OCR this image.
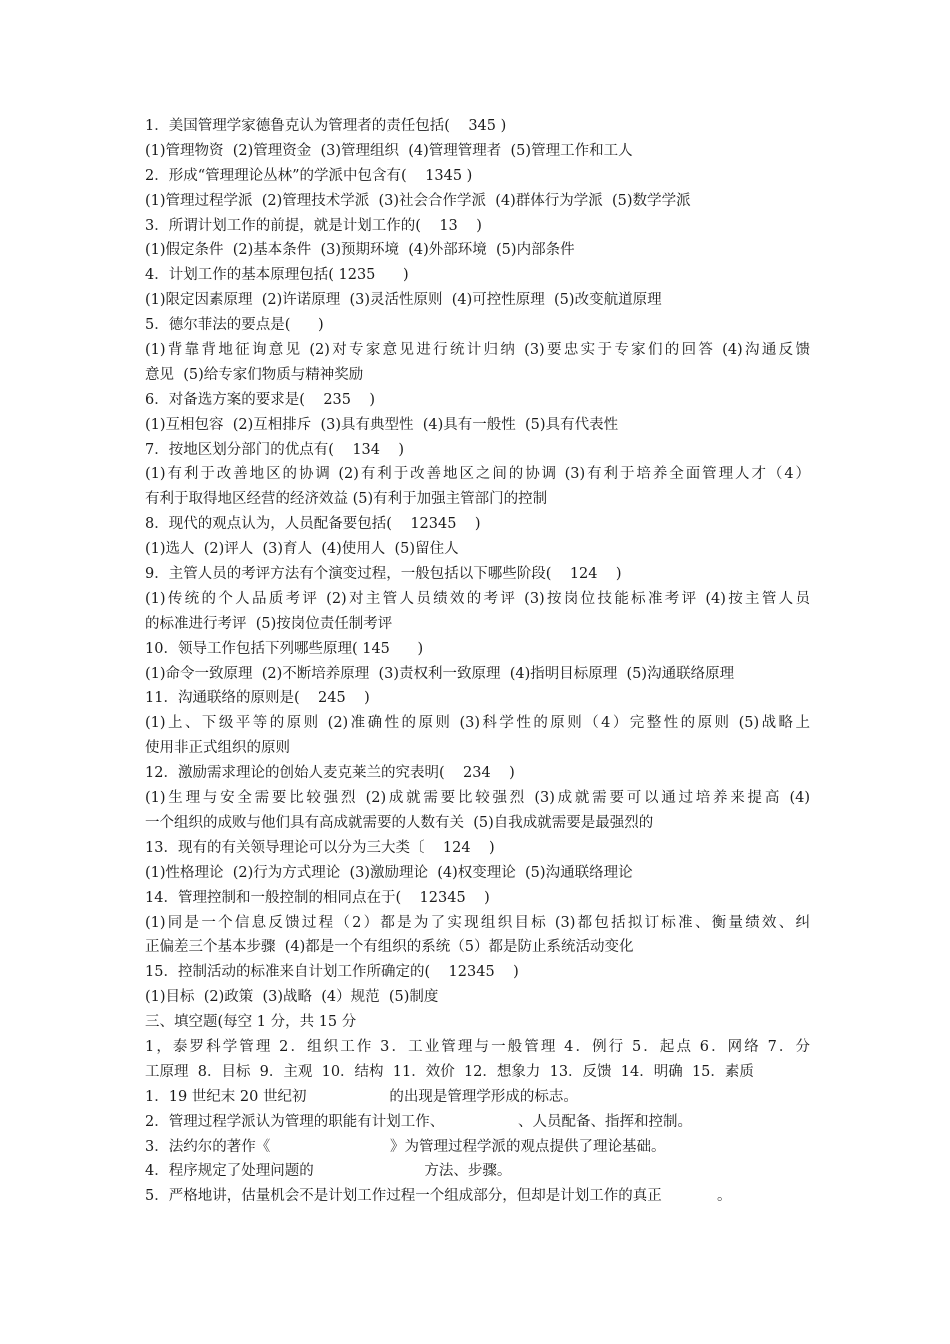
1．美国管理学家德鲁克认为管理者的责任包括(    345 )
(1)管理物资  (2)管理资金  (3)管理组织  (4)管理管理者  (5)管理工作和工人
2．形成“管理理论丛林”的学派中包含有(    1345 )
(1)管理过程学派  (2)管理技术学派  (3)社会合作学派  (4)群体行为学派  (5)数学学派
3．所谓计划工作的前提，就是计划工作的(    13    )
(1)假定条件  (2)基本条件  (3)预期环境  (4)外部环境  (5)内部条件
4．计划工作的基本原理包括( 1235      )
(1)限定因素原理  (2)许诺原理  (3)灵活性原则  (4)可控性原理  (5)改变航道原理
5．德尔菲法的要点是(      )
(1)背靠背地征询意见 (2)对专家意见进行统计归纳 (3)要忠实于专家们的回答 (4)沟通反馈
意见  (5)给专家们物质与精神奖励
6．对备选方案的要求是(    235    )
(1)互相包容  (2)互相排斥  (3)具有典型性  (4)具有一般性  (5)具有代表性
7．按地区划分部门的优点有(    134    )
(1)有利于改善地区的协调 (2)有利于改善地区之间的协调 (3)有利于培养全面管理人才（4）
有利于取得地区经营的经济效益 (5)有利于加强主管部门的控制
8．现代的观点认为，人员配备要包括(    12345    )
(1)选人  (2)评人  (3)育人  (4)使用人  (5)留住人
9．主管人员的考评方法有个演变过程，一般包括以下哪些阶段(    124    )
(1)传统的个人品质考评 (2)对主管人员绩效的考评 (3)按岗位技能标准考评 (4)按主管人员
的标准进行考评  (5)按岗位责任制考评
10．领导工作包括下列哪些原理( 145      )
(1)命令一致原理  (2)不断培养原理  (3)责权利一致原理  (4)指明目标原理  (5)沟通联络原理
11．沟通联络的原则是(    245    )
(1)上、下级平等的原则 (2)准确性的原则 (3)科学性的原则（4）完整性的原则 (5)战略上
使用非正式组织的原则
12．激励需求理论的创始人麦克莱兰的究表明(    234    )
(1)生理与安全需要比较强烈 (2)成就需要比较强烈 (3)成就需要可以通过培养来提高 (4)
一个组织的成败与他们具有高成就需要的人数有关  (5)自我成就需要是最强烈的
13．现有的有关领导理论可以分为三大类〔    124    )
(1)性格理论  (2)行为方式理论  (3)激励理论  (4)权变理论  (5)沟通联络理论
14．管理控制和一般控制的相同点在于(    12345    )
(1)同是一个信息反馈过程（2）都是为了实现组织目标 (3)都包括拟订标准、衡量绩效、纠
正偏差三个基本步骤  (4)都是一个有组织的系统（5）都是防止系统活动变化
15．控制活动的标准来自计划工作所确定的(    12345    )
(1)目标  (2)政策  (3)战略  (4）规范  (5)制度
三、填空题(每空 1 分，共 15 分
1，泰罗科学管理 2．组织工作 3．工业管理与一般管理 4．例行 5．起点 6．网络 7．分
工原理  8．目标  9．主观  10．结构  11．效价  12．想象力  13．反馈  14．明确  15．素质
1．19 世纪末 20 世纪初                  的出现是管理学形成的标志。
2．管理过程学派认为管理的职能有计划工作、                、人员配备、指挥和控制。
3．法约尔的著作《                          》为管理过程学派的观点提供了理论基础。
4．程序规定了处理问题的                        方法、步骤。
5．严格地讲，估量机会不是计划工作过程一个组成部分，但却是计划工作的真正            。
